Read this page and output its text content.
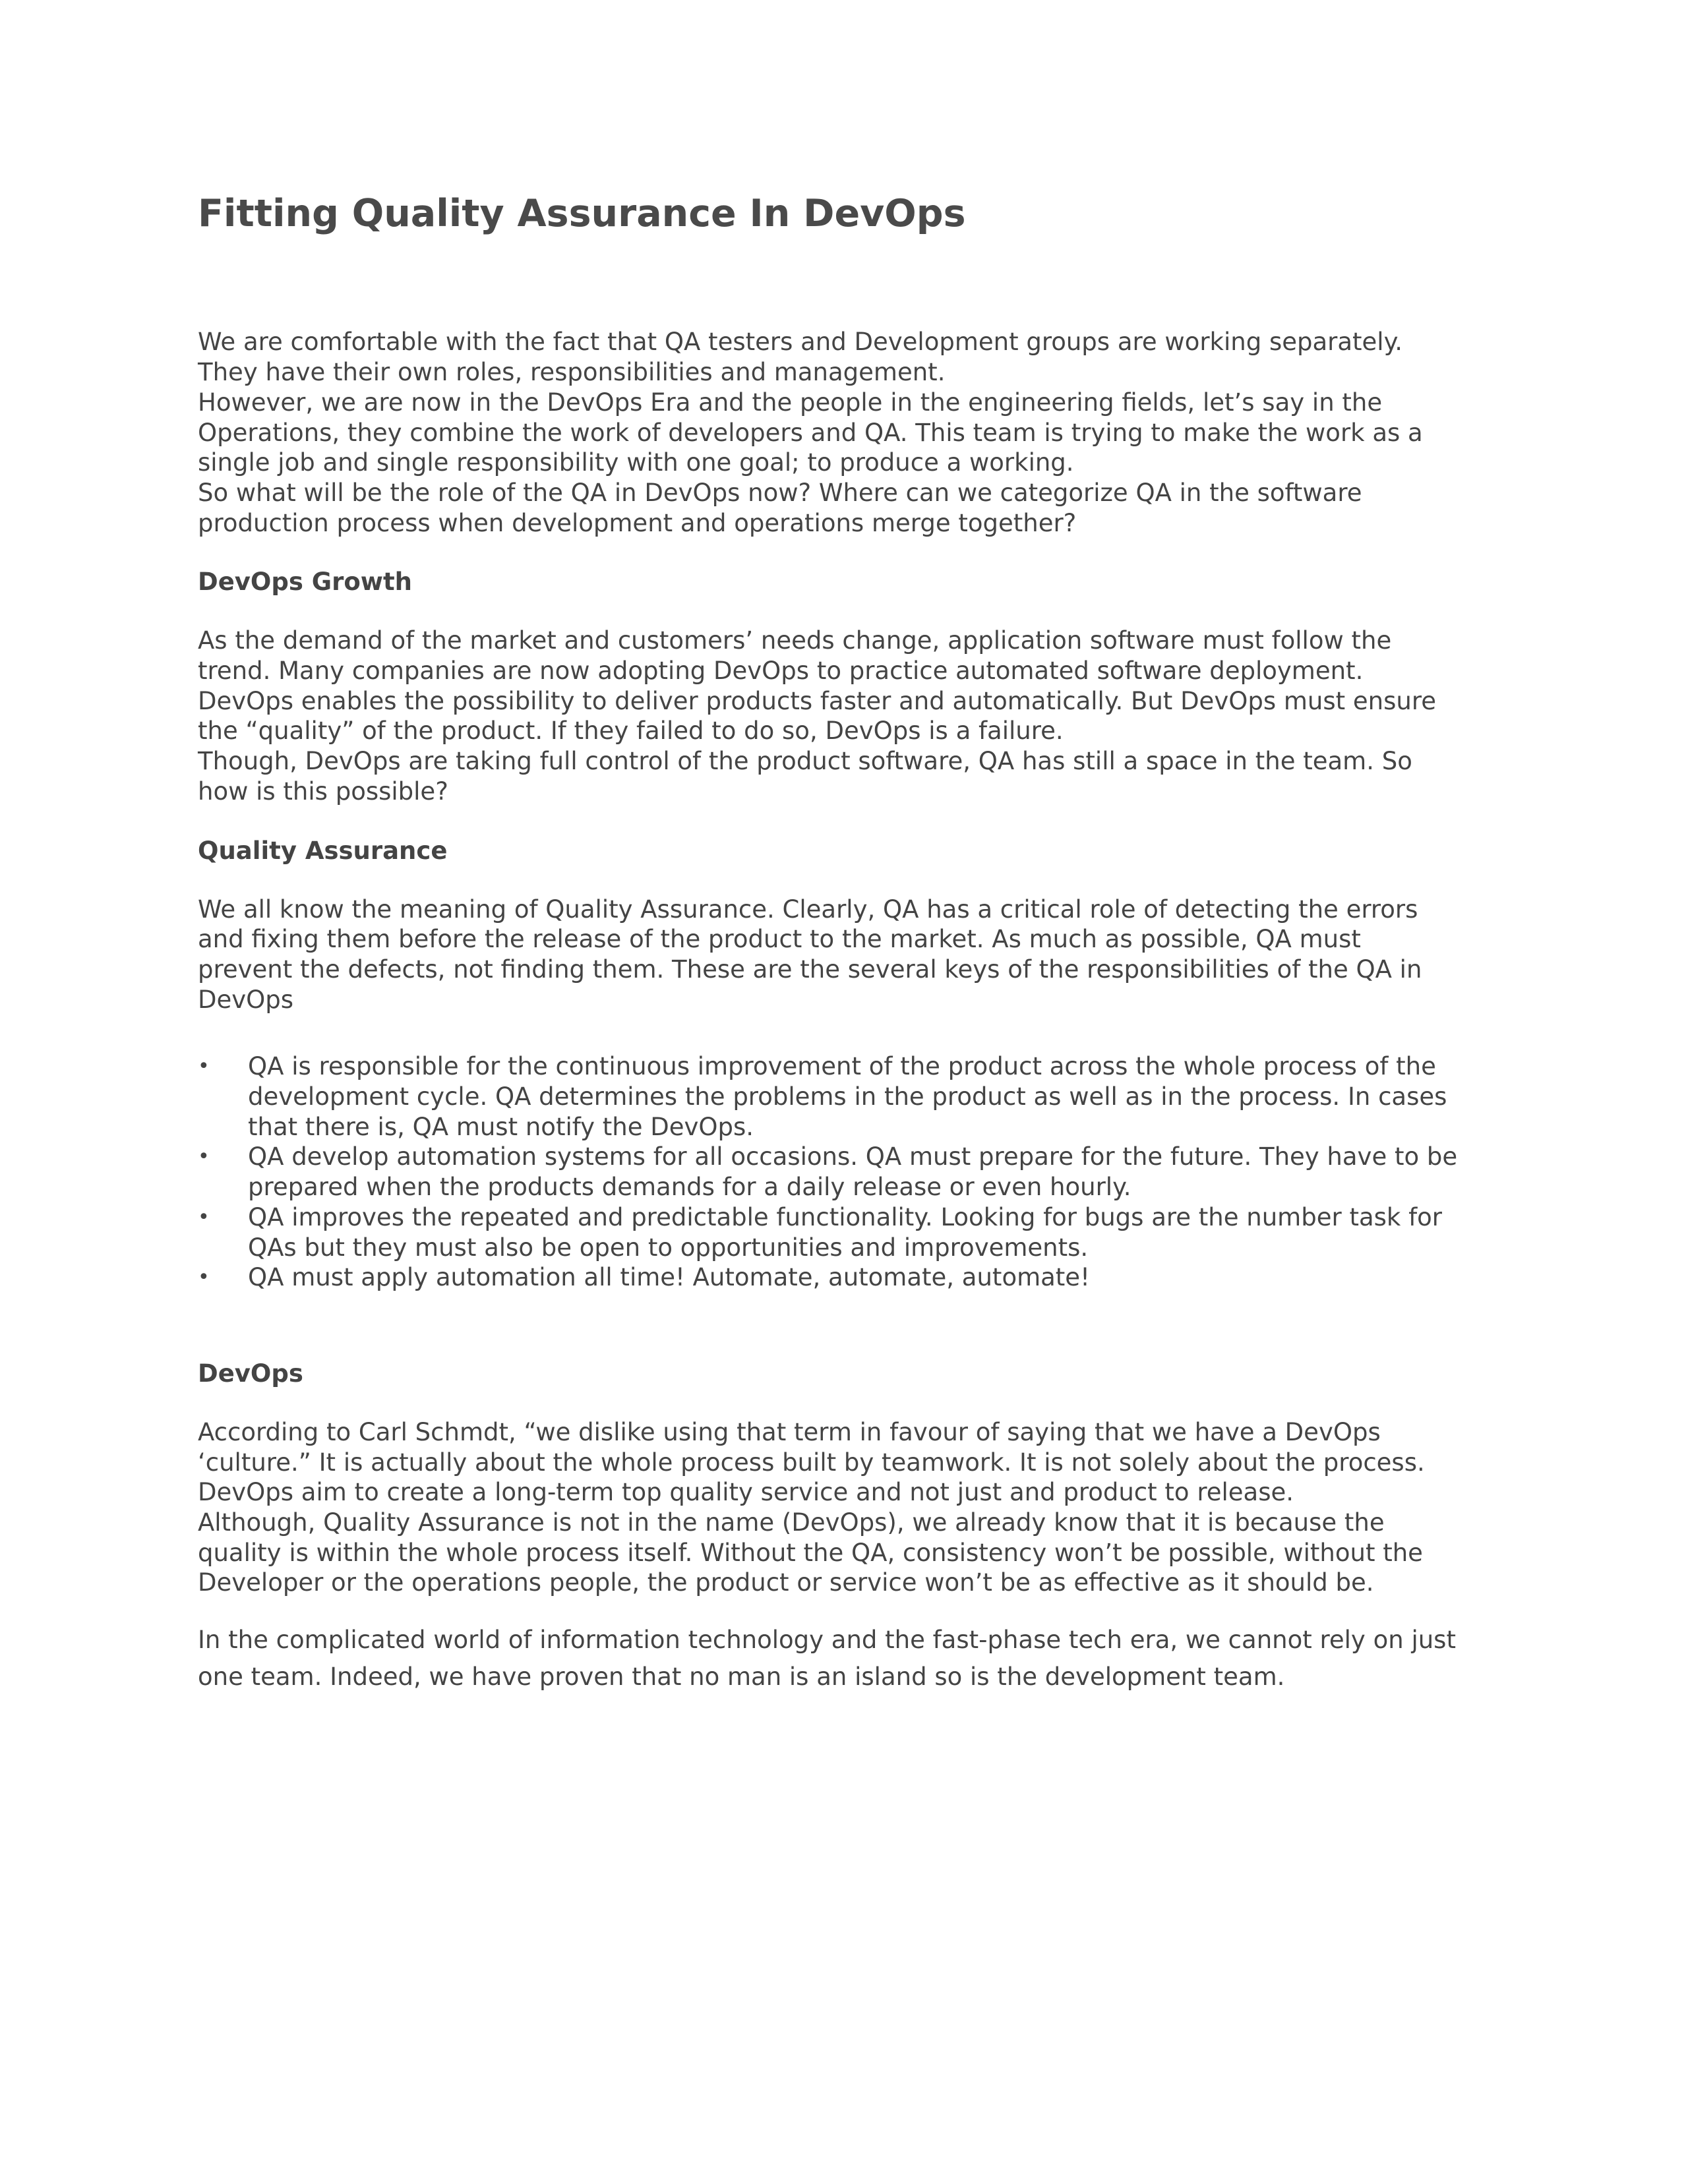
Fitting Quality Assurance In DevOps
We are comfortable with the fact that QA testers and Development groups are working separately.
They have their own roles, responsibilities and management.
However, we are now in the DevOps Era and the people in the engineering fields, let’s say in the
Operations, they combine the work of developers and QA. This team is trying to make the work as a
single job and single responsibility with one goal; to produce a working.
So what will be the role of the QA in DevOps now? Where can we categorize QA in the software
production process when development and operations merge together?
DevOps Growth
As the demand of the market and customers’ needs change, application software must follow the
trend. Many companies are now adopting DevOps to practice automated software deployment.
DevOps enables the possibility to deliver products faster and automatically. But DevOps must ensure
the “quality” of the product. If they failed to do so, DevOps is a failure.
Though, DevOps are taking full control of the product software, QA has still a space in the team. So
how is this possible?
Quality Assurance
We all know the meaning of Quality Assurance. Clearly, QA has a critical role of detecting the errors
and fixing them before the release of the product to the market. As much as possible, QA must
prevent the defects, not finding them. These are the several keys of the responsibilities of the QA in
DevOps
• QA is responsible for the continuous improvement of the product across the whole process of the
development cycle. QA determines the problems in the product as well as in the process. In cases
that there is, QA must notify the DevOps.
• QA develop automation systems for all occasions. QA must prepare for the future. They have to be
prepared when the products demands for a daily release or even hourly.
• QA improves the repeated and predictable functionality. Looking for bugs are the number task for
QAs but they must also be open to opportunities and improvements.
• QA must apply automation all time! Automate, automate, automate!
DevOps
According to Carl Schmdt, “we dislike using that term in favour of saying that we have a DevOps
‘culture.” It is actually about the whole process built by teamwork. It is not solely about the process.
DevOps aim to create a long-term top quality service and not just and product to release.
Although, Quality Assurance is not in the name (DevOps), we already know that it is because the
quality is within the whole process itself. Without the QA, consistency won’t be possible, without the
Developer or the operations people, the product or service won’t be as effective as it should be.
In the complicated world of information technology and the fast-phase tech era, we cannot rely on just
one team. Indeed, we have proven that no man is an island so is the development team.
